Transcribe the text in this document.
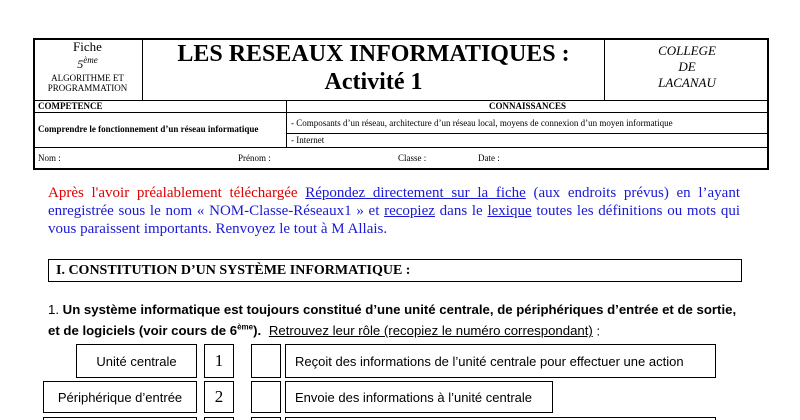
Fiche
5ème
ALGORITHME ET
PROGRAMMATION
LES RESEAUX INFORMATIQUES :
Activité 1
COLLEGE
DE
LACANAU
COMPETENCE
Comprendre le fonctionnement d’un réseau informatique
CONNAISSANCES
- Composants d’un réseau, architecture d’un réseau local, moyens de connexion d’un moyen informatique
- Internet
Nom :	Prénom :	Classe :	Date :
Après l'avoir préalablement téléchargée Répondez directement sur la fiche (aux endroits prévus) en l’ayant enregistrée sous le nom « NOM-Classe-Réseaux1 » et recopiez dans le lexique toutes les définitions ou mots qui vous paraissent importants. Renvoyez le tout à M Allais.
I. CONSTITUTION D’UN SYSTÈME INFORMATIQUE :
1. Un système informatique est toujours constitué d’une unité centrale, de périphériques d’entrée et de sortie, et de logiciels (voir cours de 6ème). Retrouvez leur rôle (recopiez le numéro correspondant) :
Unité centrale 1	Reçoit des informations de l’unité centrale pour effectuer une action
Périphérique d’entrée 2	Envoie des informations à l’unité centrale
